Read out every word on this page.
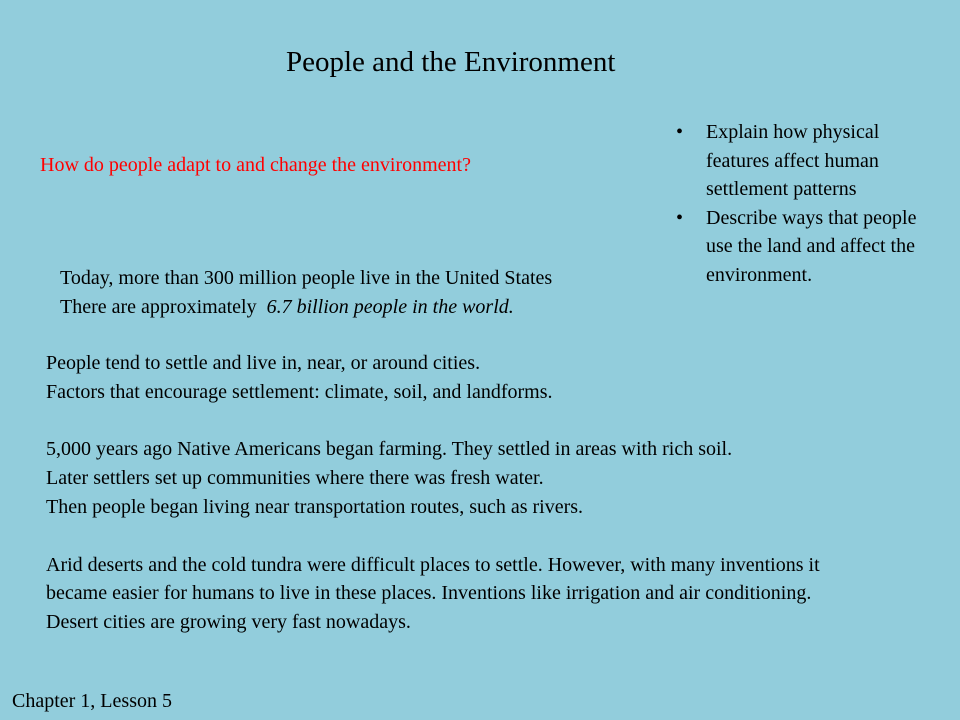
People and the Environment
How do people adapt to and change the environment?
• Explain how physical features affect human settlement patterns
• Describe ways that people use the land and affect the environment.
Today, more than 300 million people live in the United States
There are approximately  6.7 billion people in the world.
People tend to settle and live in, near, or around cities.
Factors that encourage settlement: climate, soil, and landforms.
5,000 years ago Native Americans began farming. They settled in areas with rich soil.
Later settlers set up communities where there was fresh water.
Then people began living near transportation routes, such as rivers.
Arid deserts and the cold tundra were difficult places to settle. However, with many inventions it became easier for humans to live in these places. Inventions like irrigation and air conditioning. Desert cities are growing very fast nowadays.
Chapter 1, Lesson 5
